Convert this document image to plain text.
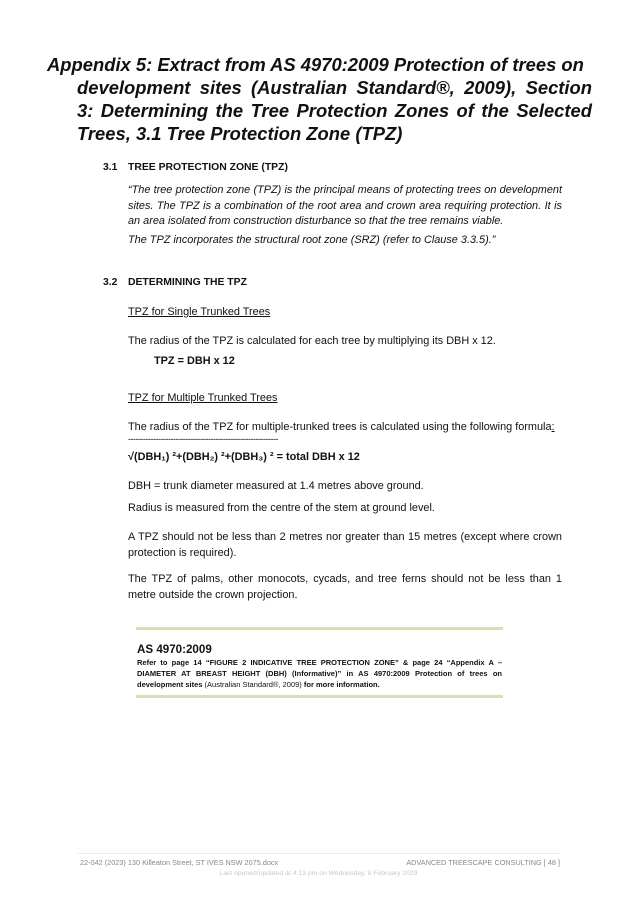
Appendix 5: Extract from AS 4970:2009 Protection of trees on
development sites (Australian Standard®, 2009), Section 3: Determining the Tree Protection Zones of the Selected Trees, 3.1 Tree Protection Zone (TPZ)
3.1 TREE PROTECTION ZONE (TPZ)
“The tree protection zone (TPZ) is the principal means of protecting trees on development sites. The TPZ is a combination of the root area and crown area requiring protection. It is an area isolated from construction disturbance so that the tree remains viable.
The TPZ incorporates the structural root zone (SRZ) (refer to Clause 3.3.5).”
3.2 DETERMINING THE TPZ
TPZ for Single Trunked Trees
The radius of the TPZ is calculated for each tree by multiplying its DBH x 12.
TPZ = DBH x 12
TPZ for Multiple Trunked Trees
The radius of the TPZ for multiple-trunked trees is calculated using the following formula:
------------------------------------------------------------
√(DBH₁) ²+(DBH₂) ²+(DBH₃) ² = total DBH x 12
DBH = trunk diameter measured at 1.4 metres above ground.
Radius is measured from the centre of the stem at ground level.
A TPZ should not be less than 2 metres nor greater than 15 metres (except where crown protection is required).
The TPZ of palms, other monocots, cycads, and tree ferns should not be less than 1 metre outside the crown projection.
AS 4970:2009
Refer to page 14 “FIGURE 2 INDICATIVE TREE PROTECTION ZONE” & page 24 “Appendix A – DIAMETER AT BREAST HEIGHT (DBH) (Informative)” in AS 4970:2009 Protection of trees on development sites (Australian Standard®, 2009) for more information.
22-042 (2023) 130 Killeaton Street, ST IVES NSW 2075.docx	ADVANCED TREESCAPE CONSULTING [ 48 ]
Last opened/updated at 4:13 pm on Wednesday, 8 February 2023
